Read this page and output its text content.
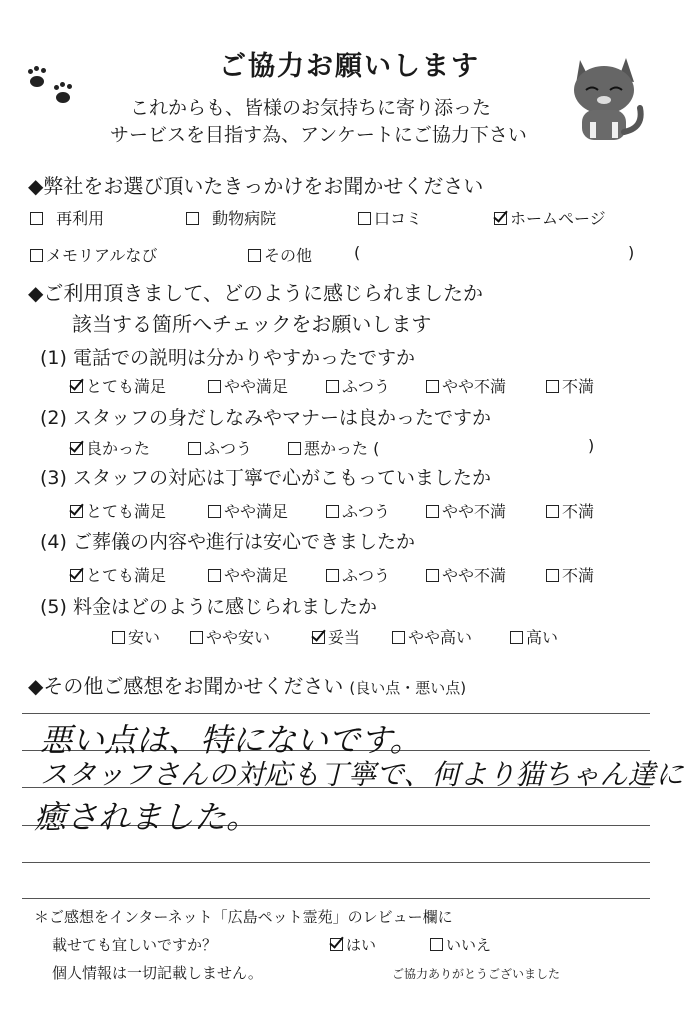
ご協力お願いします
これからも、皆様のお気持ちに寄り添った
サービスを目指す為、アンケートにご協力下さい
◆弊社をお選び頂いたきっかけをお聞かせください
再利用	動物病院	口コミ	ホームページ
メモリアルなび	その他	(	)
◆ご利用頂きまして、どのように感じられましたか
該当する箇所へチェックをお願いします
(1) 電話での説明は分かりやすかったですか
とても満足	やや満足	ふつう	やや不満	不満
(2) スタッフの身だしなみやマナーは良かったですか
良かった	ふつう	悪かった (	)
(3) スタッフの対応は丁寧で心がこもっていましたか
とても満足	やや満足	ふつう	やや不満	不満
(4) ご葬儀の内容や進行は安心できましたか
とても満足	やや満足	ふつう	やや不満	不満
(5) 料金はどのように感じられましたか
安い	やや安い	妥当	やや高い	高い
◆その他ご感想をお聞かせください (良い点・悪い点)
悪い点は、特にないです。
スタッフさんの対応も丁寧で、何より猫ちゃん達に
癒されました。
＊ご感想をインターネット「広島ペット霊苑」のレビュー欄に
載せても宜しいですか？	はい	いいえ
個人情報は一切記載しません。	ご協力ありがとうございました
